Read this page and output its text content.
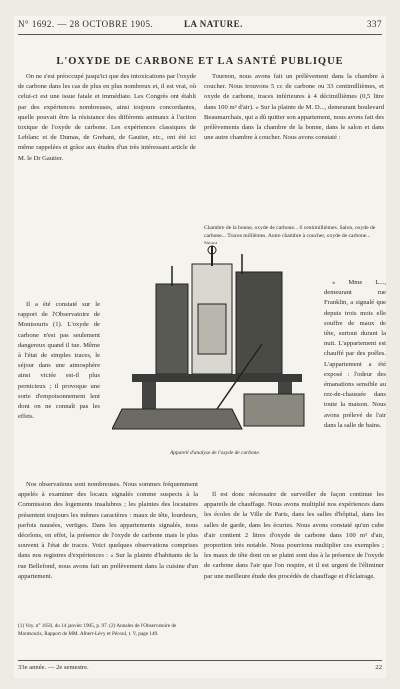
N° 1692. — 28 OCTOBRE 1905.	LA NATURE.	337
L'OXYDE DE CARBONE ET LA SANTÉ PUBLIQUE

On ne s'est préoccupé jusqu'ici que des intoxications par l'oxyde de carbone dans les cas de plus en plus nombreux et, il est vrai, où celui-ci est une issue fatale et immédiate. Les Congrès ont établi par des expériences nombreuses, ainsi toujours concordantes, quelle pouvait être la résistance des différents animaux à l'action toxique de l'oxyde de carbone. Les expériences classiques de Leblanc et de Dumas, de Grehant, de Gautier, etc., ont été ici même rappelées et grâce aux études d'un très intéressant article de M. le Dr Gautier.

Tournon, nous avons fait un prélèvement dans la chambre à coucher. Nous trouvons 5 cc de carbone ou 33 centimillièmes, et oxyde de carbone, traces inférieures à 4 décimillièmes (0,5 litre dans 100 m³ d'air). « Sur la plainte de M. D..., demeurant boulevard Beaumarchais, qui a dû quitter son appartement, nous avons fait des prélèvements dans la chambre de la bonne, dans le salon et dans une autre chambre à coucher. Nous avons constaté :

Chambre de la bonne, oxyde de carbone... 6 centimillièmes. Salon, oxyde de carbone... Traces millièmes. Autre chambre à coucher, oxyde de carbone...

Il a été constaté sur le rapport de l'Observatoire de Montsouris (1). L'oxyde de carbone n'est pas seulement dangereux quand il tue. Même à l'état de simples traces, le séjour dans une atmosphère ainsi viciée est-il plus pernicieux ; il provoque une sorte d'empoisonnement lent dont on ne connaît pas les effets.

Appareil d'analyse de l'oxyde de carbone.

« Mme L..., demeurant rue Franklin, a signalé que depuis trois mois elle souffre de maux de tête, surtout durant la nuit. L'appartement est chauffé par des poêles. L'appartement a été exposé : l'odeur des émanations sensible au rez-de-chaussée dans toute la maison. Nous avons prélevé de l'air dans la salle de bains.

Nos observations sont nombreuses. Nous sommes fréquemment appelés à examiner des locaux signalés comme suspects à la Commission des logements insalubres ; les plaintes des locataires présentent toujours les mêmes caractères : maux de tête, lourdeurs, parfois nausées, vertiges. Dans les appartements signalés, nous décelons, en effet, la présence de l'oxyde de carbone mais le plus souvent à l'état de traces. Voici quelques observations comprises dans nos registres d'expériences : « Sur la plainte d'habitants de la rue Bellefond, nous avons fait un prélèvement dans la cuisine d'un appartement.

Il est donc nécessaire de surveiller de façon continue les appareils de chauffage. Nous avons multiplié nos expériences dans les écoles de la Ville de Paris, dans les salles d'hôpital, dans les salles de garde, dans les écuries. Nous avons constaté qu'un cube d'air contient 2 litres d'oxyde de carbone dans 100 m³ d'air, proportion très notable. Nous pourrions multiplier ces exemples ; les maux de tête dont on se plaint sont dus à la présence de l'oxyde de carbone dans l'air que l'on respire, et il est urgent de l'éliminer par une meilleure étude des procédés de chauffage et d'éclairage.

(1) Voy. n° 1650, du 14 janvier 1905, p. 97. (2) Annales de l'Observatoire de Montsouris, Rapport de MM. Albert-Lévy et Pécoul, t. V, page 149.
33e année. — 2e semestre.	22
